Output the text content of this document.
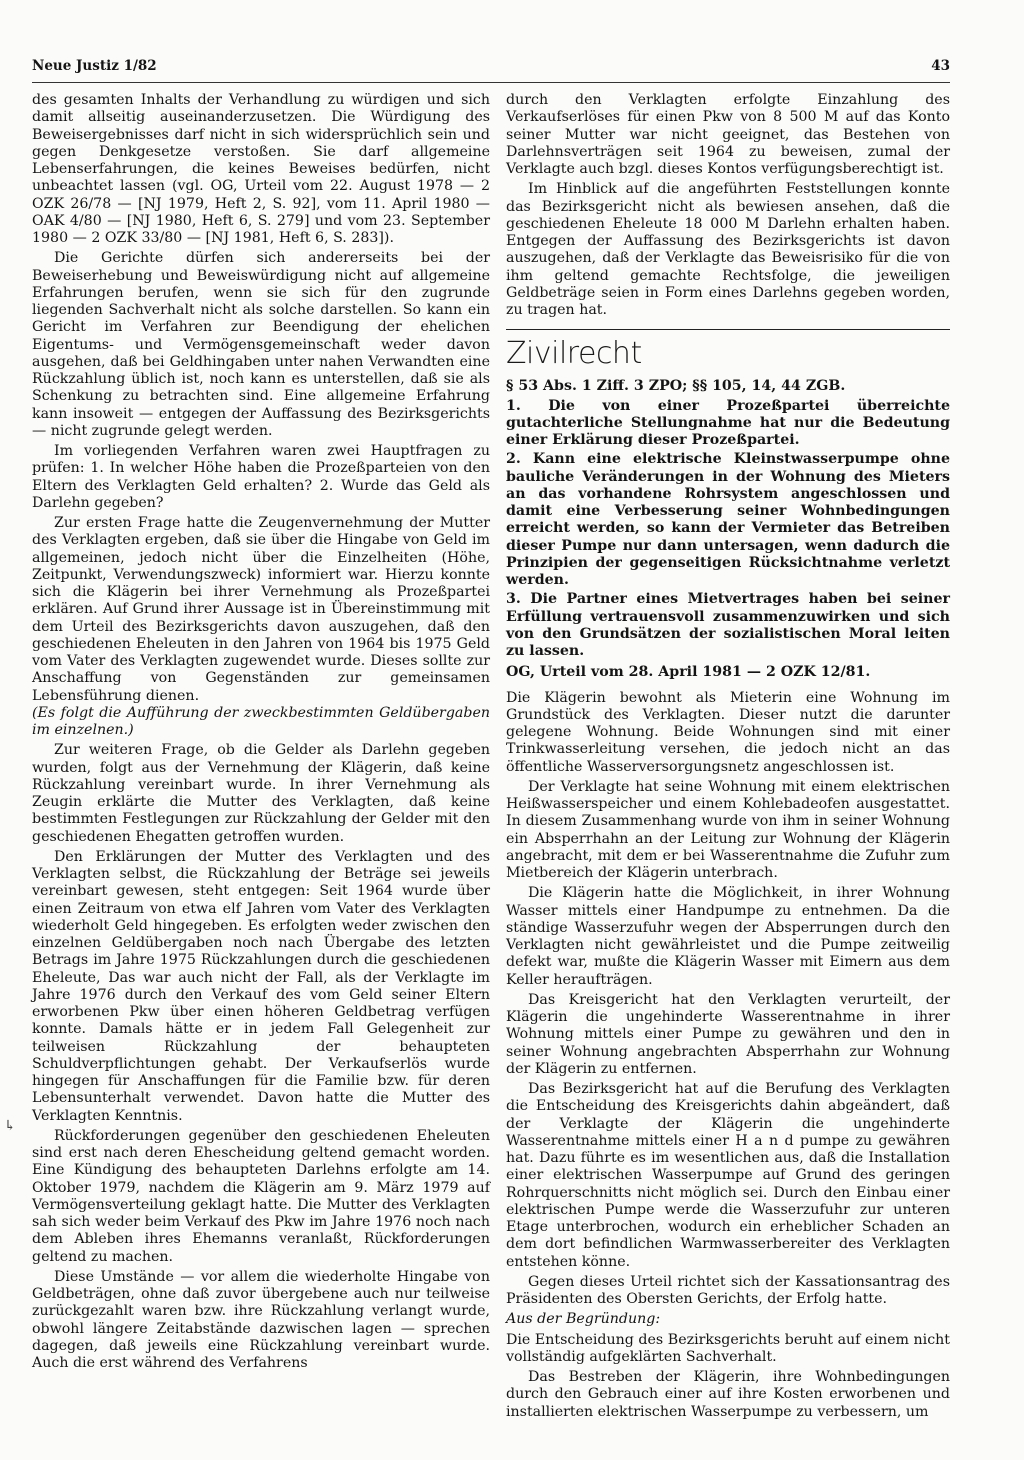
Neue Justiz 1/82	43
↳

des gesamten Inhalts der Verhandlung zu würdigen und sich damit allseitig auseinanderzusetzen. Die Würdigung des Beweisergebnisses darf nicht in sich widersprüchlich sein und gegen Denkgesetze verstoßen. Sie darf allgemeine Lebenserfahrungen, die keines Beweises bedürfen, nicht unbeachtet lassen (vgl. OG, Urteil vom 22. August 1978 — 2 OZK 26/78 — [NJ 1979, Heft 2, S. 92], vom 11. April 1980 — OAK 4/80 — [NJ 1980, Heft 6, S. 279] und vom 23. September 1980 — 2 OZK 33/80 — [NJ 1981, Heft 6, S. 283]).

Die Gerichte dürfen sich andererseits bei der Beweiserhebung und Beweiswürdigung nicht auf allgemeine Erfahrungen berufen, wenn sie sich für den zugrunde liegenden Sachverhalt nicht als solche darstellen. So kann ein Gericht im Verfahren zur Beendigung der ehelichen Eigentums- und Vermögensgemeinschaft weder davon ausgehen, daß bei Geldhingaben unter nahen Verwandten eine Rückzahlung üblich ist, noch kann es unterstellen, daß sie als Schenkung zu betrachten sind. Eine allgemeine Erfahrung kann insoweit — entgegen der Auffassung des Bezirksgerichts — nicht zugrunde gelegt werden.

Im vorliegenden Verfahren waren zwei Hauptfragen zu prüfen: 1. In welcher Höhe haben die Prozeßparteien von den Eltern des Verklagten Geld erhalten? 2. Wurde das Geld als Darlehn gegeben?

Zur ersten Frage hatte die Zeugenvernehmung der Mutter des Verklagten ergeben, daß sie über die Hingabe von Geld im allgemeinen, jedoch nicht über die Einzelheiten (Höhe, Zeitpunkt, Verwendungszweck) informiert war. Hierzu konnte sich die Klägerin bei ihrer Vernehmung als Prozeßpartei erklären. Auf Grund ihrer Aussage ist in Übereinstimmung mit dem Urteil des Bezirksgerichts davon auszugehen, daß den geschiedenen Eheleuten in den Jahren von 1964 bis 1975 Geld vom Vater des Verklagten zugewendet wurde. Dieses sollte zur Anschaffung von Gegenständen zur gemeinsamen Lebensführung dienen.

(Es folgt die Aufführung der zweckbestimmten Geldübergaben im einzelnen.)

Zur weiteren Frage, ob die Gelder als Darlehn gegeben wurden, folgt aus der Vernehmung der Klägerin, daß keine Rückzahlung vereinbart wurde. In ihrer Vernehmung als Zeugin erklärte die Mutter des Verklagten, daß keine bestimmten Festlegungen zur Rückzahlung der Gelder mit den geschiedenen Ehegatten getroffen wurden.

Den Erklärungen der Mutter des Verklagten und des Verklagten selbst, die Rückzahlung der Beträge sei jeweils vereinbart gewesen, steht entgegen: Seit 1964 wurde über einen Zeitraum von etwa elf Jahren vom Vater des Verklagten wiederholt Geld hingegeben. Es erfolgten weder zwischen den einzelnen Geldübergaben noch nach Übergabe des letzten Betrags im Jahre 1975 Rückzahlungen durch die geschiedenen Eheleute, Das war auch nicht der Fall, als der Verklagte im Jahre 1976 durch den Verkauf des vom Geld seiner Eltern erworbenen Pkw über einen höheren Geldbetrag verfügen konnte. Damals hätte er in jedem Fall Gelegenheit zur teilweisen Rückzahlung der behaupteten Schuldverpflichtungen gehabt. Der Verkaufserlös wurde hingegen für Anschaffungen für die Familie bzw. für deren Lebensunterhalt verwendet. Davon hatte die Mutter des Verklagten Kenntnis.

Rückforderungen gegenüber den geschiedenen Eheleuten sind erst nach deren Ehescheidung geltend gemacht worden. Eine Kündigung des behaupteten Darlehns erfolgte am 14. Oktober 1979, nachdem die Klägerin am 9. März 1979 auf Vermögensverteilung geklagt hatte. Die Mutter des Verklagten sah sich weder beim Verkauf des Pkw im Jahre 1976 noch nach dem Ableben ihres Ehemanns veranlaßt, Rückforderungen geltend zu machen.

Diese Umstände — vor allem die wiederholte Hingabe von Geldbeträgen, ohne daß zuvor übergebene auch nur teilweise zurückgezahlt waren bzw. ihre Rückzahlung verlangt wurde, obwohl längere Zeitabstände dazwischen lagen — sprechen dagegen, daß jeweils eine Rückzahlung vereinbart wurde. Auch die erst während des Verfahrens

durch den Verklagten erfolgte Einzahlung des Verkaufserlöses für einen Pkw von 8 500 M auf das Konto seiner Mutter war nicht geeignet, das Bestehen von Darlehnsverträgen seit 1964 zu beweisen, zumal der Verklagte auch bzgl. dieses Kontos verfügungsberechtigt ist.

Im Hinblick auf die angeführten Feststellungen konnte das Bezirksgericht nicht als bewiesen ansehen, daß die geschiedenen Eheleute 18 000 M Darlehn erhalten haben. Entgegen der Auffassung des Bezirksgerichts ist davon auszugehen, daß der Verklagte das Beweisrisiko für die von ihm geltend gemachte Rechtsfolge, die jeweiligen Geldbeträge seien in Form eines Darlehns gegeben worden, zu tragen hat.

Zivilrecht

§ 53 Abs. 1 Ziff. 3 ZPO; §§ 105, 14, 44 ZGB.

1. Die von einer Prozeßpartei überreichte gutachterliche Stellungnahme hat nur die Bedeutung einer Erklärung dieser Prozeßpartei.

2. Kann eine elektrische Kleinstwasserpumpe ohne bauliche Veränderungen in der Wohnung des Mieters an das vorhandene Rohrsystem angeschlossen und damit eine Verbesserung seiner Wohnbedingungen erreicht werden, so kann der Vermieter das Betreiben dieser Pumpe nur dann untersagen, wenn dadurch die Prinzipien der gegenseitigen Rücksichtnahme verletzt werden.

3. Die Partner eines Mietvertrages haben bei seiner Erfüllung vertrauensvoll zusammenzuwirken und sich von den Grundsätzen der sozialistischen Moral leiten zu lassen.

OG, Urteil vom 28. April 1981 — 2 OZK 12/81.

Die Klägerin bewohnt als Mieterin eine Wohnung im Grundstück des Verklagten. Dieser nutzt die darunter gelegene Wohnung. Beide Wohnungen sind mit einer Trinkwasserleitung versehen, die jedoch nicht an das öffentliche Wasserversorgungsnetz angeschlossen ist.

Der Verklagte hat seine Wohnung mit einem elektrischen Heißwasserspeicher und einem Kohlebadeofen ausgestattet. In diesem Zusammenhang wurde von ihm in seiner Wohnung ein Absperrhahn an der Leitung zur Wohnung der Klägerin angebracht, mit dem er bei Wasserentnahme die Zufuhr zum Mietbereich der Klägerin unterbrach.

Die Klägerin hatte die Möglichkeit, in ihrer Wohnung Wasser mittels einer Handpumpe zu entnehmen. Da die ständige Wasserzufuhr wegen der Absperrungen durch den Verklagten nicht gewährleistet und die Pumpe zeitweilig defekt war, mußte die Klägerin Wasser mit Eimern aus dem Keller heraufträgen.

Das Kreisgericht hat den Verklagten verurteilt, der Klägerin die ungehinderte Wasserentnahme in ihrer Wohnung mittels einer Pumpe zu gewähren und den in seiner Wohnung angebrachten Absperrhahn zur Wohnung der Klägerin zu entfernen.

Das Bezirksgericht hat auf die Berufung des Verklagten die Entscheidung des Kreisgerichts dahin abgeändert, daß der Verklagte der Klägerin die ungehinderte Wasserentnahme mittels einer H a n d pumpe zu gewähren hat. Dazu führte es im wesentlichen aus, daß die Installation einer elektrischen Wasserpumpe auf Grund des geringen Rohrquerschnitts nicht möglich sei. Durch den Einbau einer elektrischen Pumpe werde die Wasserzufuhr zur unteren Etage unterbrochen, wodurch ein erheblicher Schaden an dem dort befindlichen Warmwasserbereiter des Verklagten entstehen könne.

Gegen dieses Urteil richtet sich der Kassationsantrag des Präsidenten des Obersten Gerichts, der Erfolg hatte.

Aus der Begründung:

Die Entscheidung des Bezirksgerichts beruht auf einem nicht vollständig aufgeklärten Sachverhalt.

Das Bestreben der Klägerin, ihre Wohnbedingungen durch den Gebrauch einer auf ihre Kosten erworbenen und installierten elektrischen Wasserpumpe zu verbessern, um
